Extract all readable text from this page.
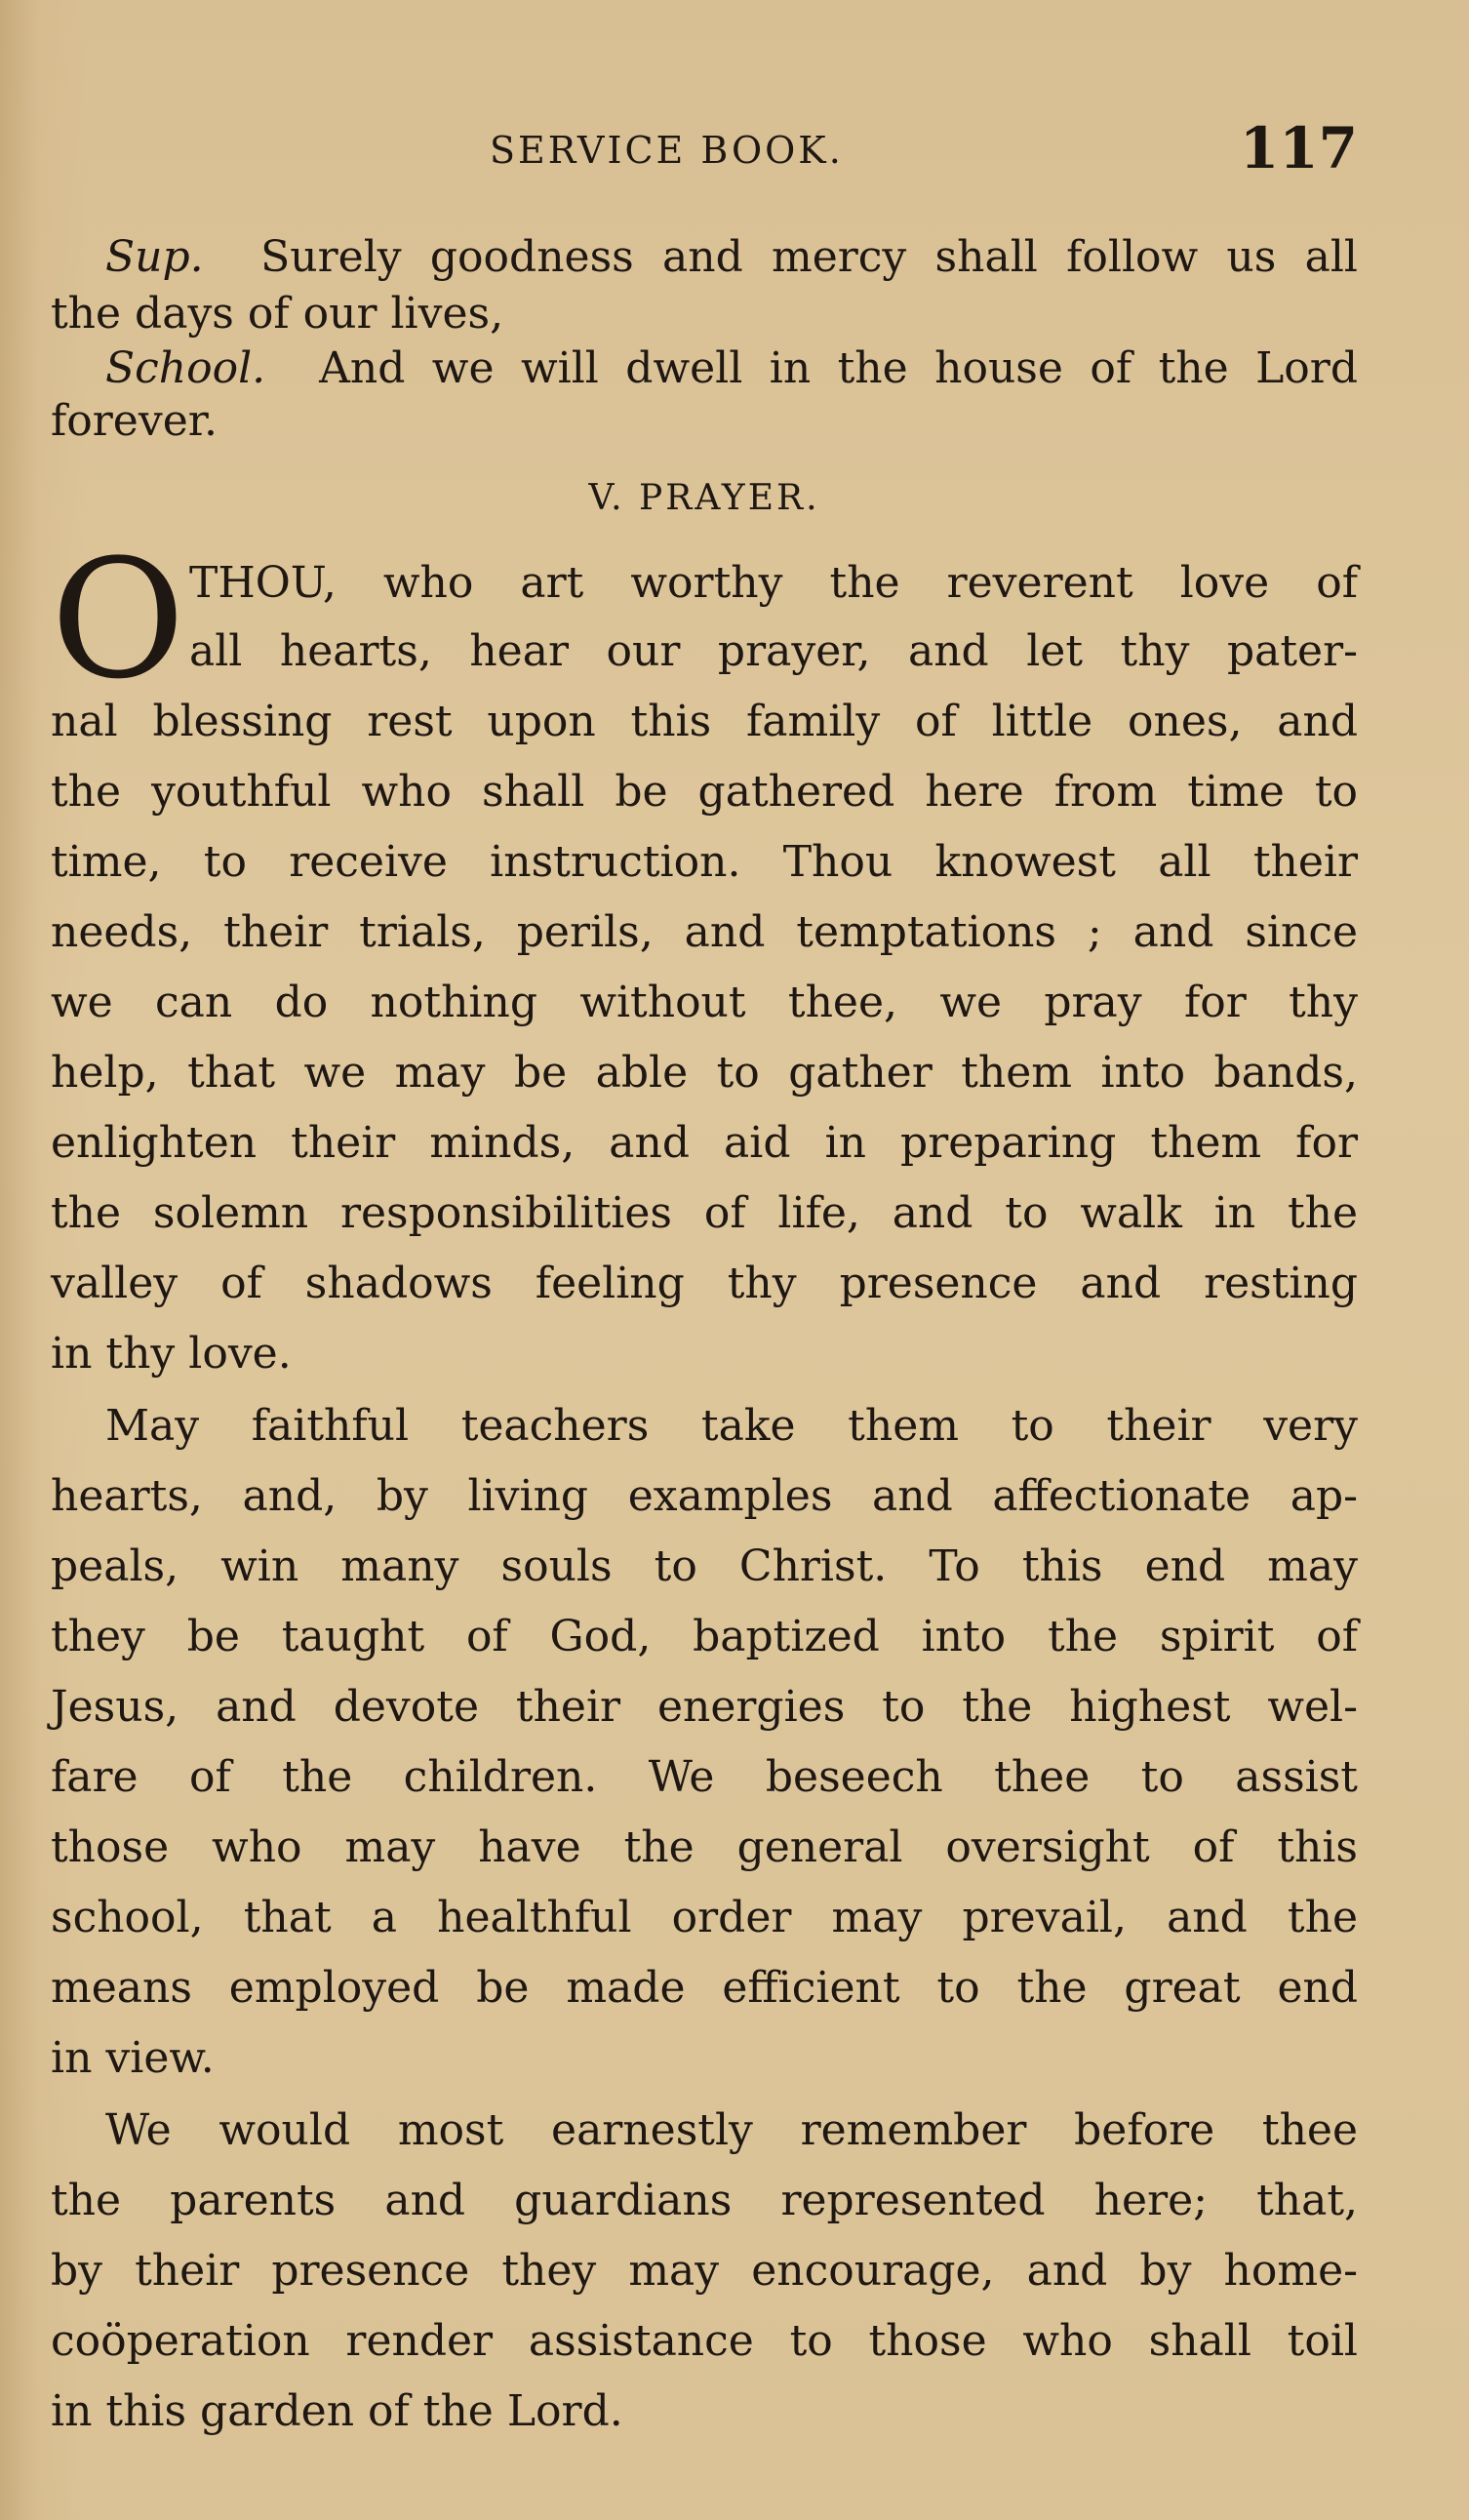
SERVICE BOOK.	117
Sup. Surely goodness and mercy shall follow us all
the days of our lives,
School. And we will dwell in the house of the Lord
forever.
V. PRAYER.
O THOU, who art worthy the reverent love of
all hearts, hear our prayer, and let thy pater-
nal blessing rest upon this family of little ones, and
the youthful who shall be gathered here from time to
time, to receive instruction. Thou knowest all their
needs, their trials, perils, and temptations ; and since
we can do nothing without thee, we pray for thy
help, that we may be able to gather them into bands,
enlighten their minds, and aid in preparing them for
the solemn responsibilities of life, and to walk in the
valley of shadows feeling thy presence and resting
in thy love.
May faithful teachers take them to their very
hearts, and, by living examples and affectionate ap-
peals, win many souls to Christ. To this end may
they be taught of God, baptized into the spirit of
Jesus, and devote their energies to the highest wel-
fare of the children. We beseech thee to assist
those who may have the general oversight of this
school, that a healthful order may prevail, and the
means employed be made efficient to the great end
in view.
We would most earnestly remember before thee
the parents and guardians represented here; that,
by their presence they may encourage, and by home-
coöperation render assistance to those who shall toil
in this garden of the Lord.
